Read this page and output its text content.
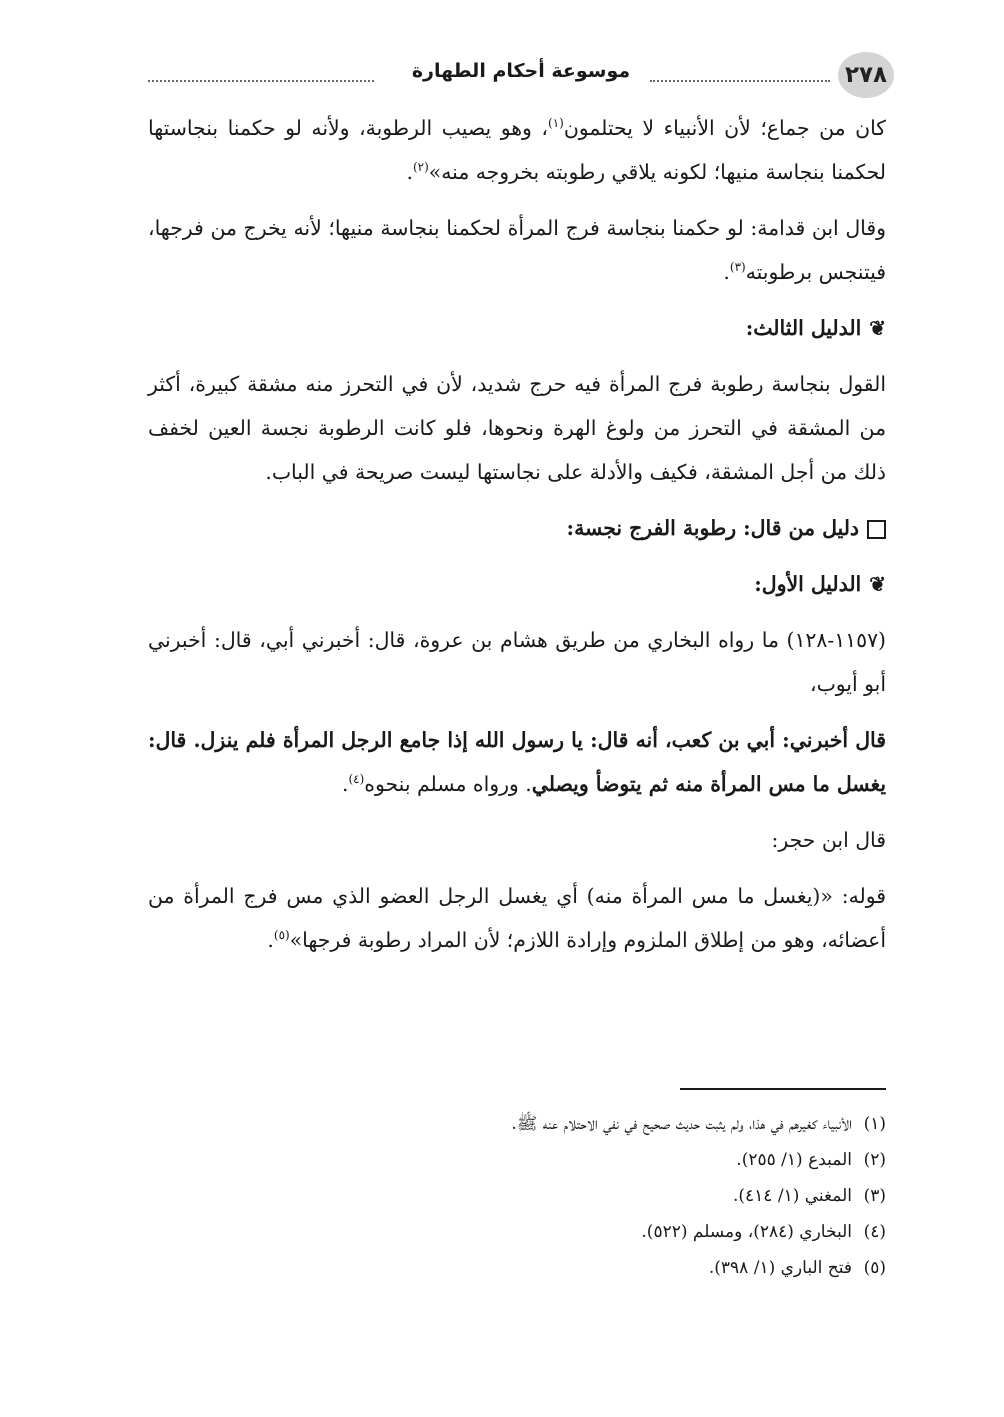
٢٧٨
موسوعة أحكام الطهارة

كان من جماع؛ لأن الأنبياء لا يحتلمون$^{(١)}$، وهو يصيب الرطوبة، ولأنه لو حكمنا بنجاستها لحكمنا بنجاسة منيها؛ لكونه يلاقي رطوبته بخروجه منه»$^{(٢)}$.

وقال ابن قدامة: لو حكمنا بنجاسة فرج المرأة لحكمنا بنجاسة منيها؛ لأنه يخرج من فرجها، فيتنجس برطوبته$^{(٣)}$.

❦الدليل الثالث:

القول بنجاسة رطوبة فرج المرأة فيه حرج شديد، لأن في التحرز منه مشقة كبيرة، أكثر من المشقة في التحرز من ولوغ الهرة ونحوها، فلو كانت الرطوبة نجسة العين لخفف ذلك من أجل المشقة، فكيف والأدلة على نجاستها ليست صريحة في الباب.

دليل من قال: رطوبة الفرج نجسة:
❦الدليل الأول:

(١١٥٧-١٢٨) ما رواه البخاري من طريق هشام بن عروة، قال: أخبرني أبي، قال: أخبرني أبو أيوب،

قال أخبرني: أبي بن كعب، أنه قال: يا رسول الله إذا جامع الرجل المرأة فلم ينزل. قال: يغسل ما مس المرأة منه ثم يتوضأ ويصلي. ورواه مسلم بنحوه$^{(٤)}$.

قال ابن حجر:

قوله: «(يغسل ما مس المرأة منه) أي يغسل الرجل العضو الذي مس فرج المرأة من أعضائه، وهو من إطلاق الملزوم وإرادة اللازم؛ لأن المراد رطوبة فرجها»$^{(٥)}$.

(١)الأنبياء كغيرهم في هذا، ولم يثبت حديث صحيح في نفي الاحتلام عنه ﷺ.
(٢)المبدع (١/ ٢٥٥).
(٣)المغني (١/ ٤١٤).
(٤)البخاري (٢٨٤)، ومسلم (٥٢٢).
(٥)فتح الباري (١/ ٣٩٨).
